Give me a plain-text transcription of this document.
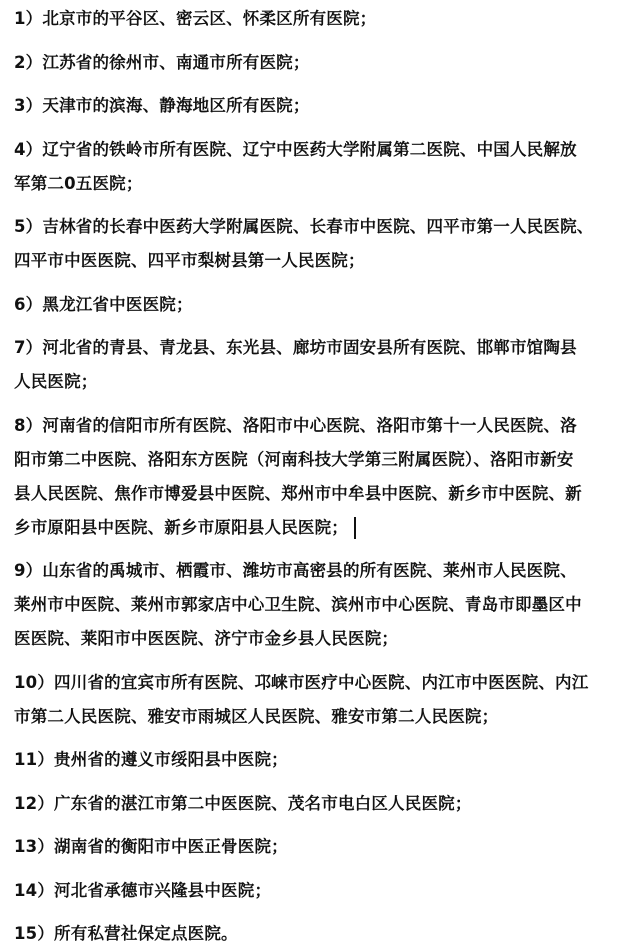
1）北京市的平谷区、密云区、怀柔区所有医院；

2）江苏省的徐州市、南通市所有医院；

3）天津市的滨海、静海地区所有医院；

4）辽宁省的铁岭市所有医院、辽宁中医药大学附属第二医院、中国人民解放

军第二0五医院；

5）吉林省的长春中医药大学附属医院、长春市中医院、四平市第一人民医院、

四平市中医医院、四平市梨树县第一人民医院；

6）黑龙江省中医医院；

7）河北省的青县、青龙县、东光县、廊坊市固安县所有医院、邯郸市馆陶县

人民医院；

8）河南省的信阳市所有医院、洛阳市中心医院、洛阳市第十一人民医院、洛

阳市第二中医院、洛阳东方医院（河南科技大学第三附属医院）、洛阳市新安

县人民医院、焦作市博爱县中医院、郑州市中牟县中医院、新乡市中医院、新

乡市原阳县中医院、新乡市原阳县人民医院；

9）山东省的禹城市、栖霞市、潍坊市高密县的所有医院、莱州市人民医院、

莱州市中医院、莱州市郭家店中心卫生院、滨州市中心医院、青岛市即墨区中

医医院、莱阳市中医医院、济宁市金乡县人民医院；

10）四川省的宜宾市所有医院、邛崃市医疗中心医院、内江市中医医院、内江

市第二人民医院、雅安市雨城区人民医院、雅安市第二人民医院；

11）贵州省的遵义市绥阳县中医院；

12）广东省的湛江市第二中医医院、茂名市电白区人民医院；

13）湖南省的衡阳市中医正骨医院；

14）河北省承德市兴隆县中医院；

15）所有私营社保定点医院。
